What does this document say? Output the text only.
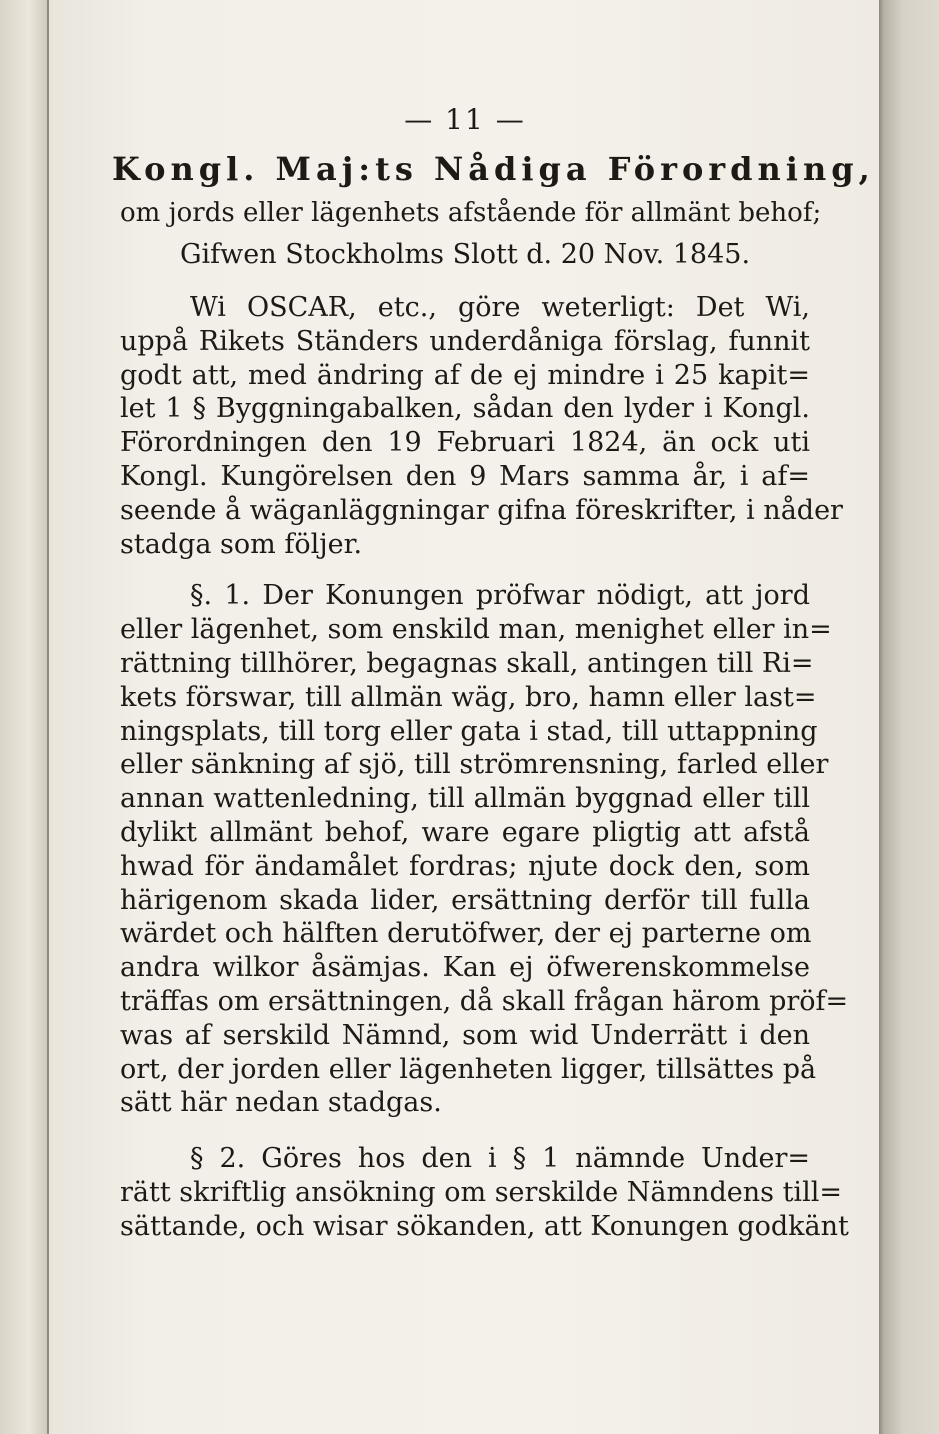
— 11 —
Kongl. Maj:ts Nådiga Förordning,
om jords eller lägenhets afstående för allmänt behof;
Gifwen Stockholms Slott d. 20 Nov. 1845.
Wi OSCAR, etc., göre weterligt: Det Wi,
uppå Rikets Ständers underdåniga förslag, funnit
godt att, med ändring af de ej mindre i 25 kapit=
let 1 § Byggningabalken, sådan den lyder i Kongl.
Förordningen den 19 Februari 1824, än ock uti
Kongl. Kungörelsen den 9 Mars samma år, i af=
seende å wäganläggningar gifna föreskrifter, i nåder
stadga som följer.
§. 1. Der Konungen pröfwar nödigt, att jord
eller lägenhet, som enskild man, menighet eller in=
rättning tillhörer, begagnas skall, antingen till Ri=
kets förswar, till allmän wäg, bro, hamn eller last=
ningsplats, till torg eller gata i stad, till uttappning
eller sänkning af sjö, till strömrensning, farled eller
annan wattenledning, till allmän byggnad eller till
dylikt allmänt behof, ware egare pligtig att afstå
hwad för ändamålet fordras; njute dock den, som
härigenom skada lider, ersättning derför till fulla
wärdet och hälften derutöfwer, der ej parterne om
andra wilkor åsämjas. Kan ej öfwerenskommelse
träffas om ersättningen, då skall frågan härom pröf=
was af serskild Nämnd, som wid Underrätt i den
ort, der jorden eller lägenheten ligger, tillsättes på
sätt här nedan stadgas.
§ 2. Göres hos den i § 1 nämnde Under=
rätt skriftlig ansökning om serskilde Nämndens till=
sättande, och wisar sökanden, att Konungen godkänt
